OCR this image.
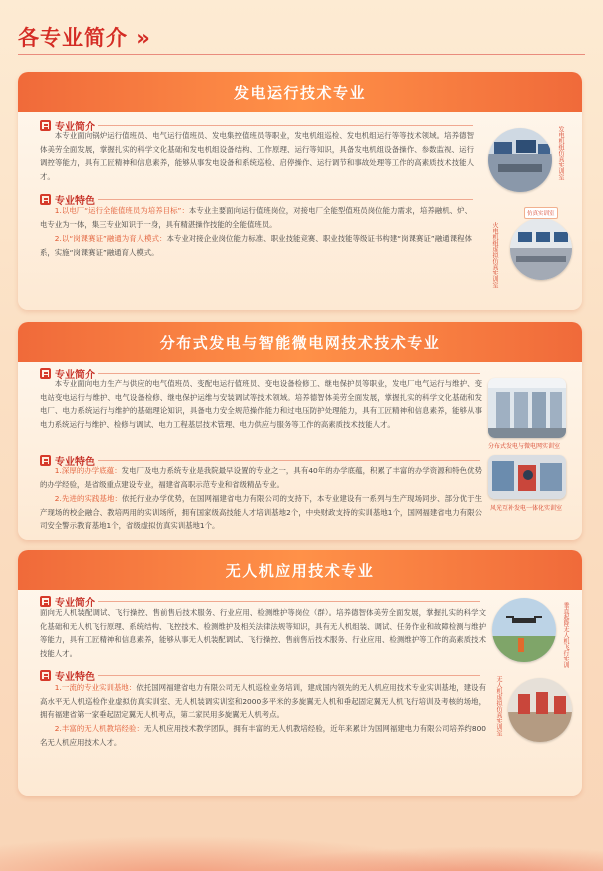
各专业简介 »
发电运行技术专业
专业简介
本专业面向锅炉运行值班员、电气运行值班员、发电集控值班员等职业，发电机组巡检、发电机组运行等等技术领域。培养德智体美劳全面发展，掌握扎实的科学文化基础和发电机组设备结构、工作原理、运行等知识，具备发电机组设备操作、参数监视、运行调控等能力，具有工匠精神和信息素养，能够从事发电设备和系统巡检、启停操作、运行调节和事故处理等工作的高素质技术技能人才。
专业特色
1.以电厂“运行全能值班员为培养目标”：本专业主要面向运行值班岗位，对接电厂全能型值班员岗位能力需求，培养融机、炉、电专业为一体，集三专业知识于一身，具有精湛操作技能的全能值班员。
2.以“岗课赛证”融通为育人模式：本专业对接企业岗位能力标准、职业技能竞赛、职业技能等级证书构建“岗课赛证”融通课程体系，实施“岗课赛证”融通育人模式。
发电机组仿真实训室
火电机组虚拟仿真实训室
仿真实训室
分布式发电与智能微电网技术技术专业
专业简介
本专业面向电力生产与供应的电气值班员、变配电运行值班员、变电设备检修工、继电保护员等职业，发电厂电气运行与维护、变电站变电运行与维护、电气设备检修、继电保护运维与安装调试等技术领域。培养德智体美劳全面发展，掌握扎实的科学文化基础和发电厂、电力系统运行与维护的基础理论知识，具备电力安全规范操作能力和过电压防护处理能力，具有工匠精神和信息素养，能够从事电力系统运行与维护、检修与调试、电力工程基层技术管理、电力供应与服务等工作的高素质技术技能人才。
专业特色
1.深厚的办学底蕴：发电厂及电力系统专业是我院最早设置的专业之一，具有40年的办学底蕴，积累了丰富的办学资源和特色优势的办学经验，是省级重点建设专业，福建省高职示范专业和省级精品专业。
2.先进的实践基地：依托行业办学优势，在国网福建省电力有限公司的支持下，本专业建设有一系列与生产现场同步、部分优于生产现场的校企融合、教培两用的实训场所，拥有国家级高技能人才培训基地2个，中央财政支持的实训基地1个，国网福建省电力有限公司安全警示教育基地1个，省级虚拟仿真实训基地1个。
分布式发电与微电网实训室
风光互补发电一体化实训室
无人机应用技术专业
专业简介
面向无人机装配调试、飞行操控、售前售后技术服务、行业应用、检测维护等岗位（群）。培养德智体美劳全面发展，掌握扎实的科学文化基础和无人机飞行原理、系统结构、飞控技术、检测维护及相关法律法规等知识，具有无人机组装、调试、任务作业和故障检测与维护等能力，具有工匠精神和信息素养，能够从事无人机装配调试、飞行操控、售前售后技术服务、行业应用、检测维护等工作的高素质技术技能人才。
专业特色
1.一流的专业实训基地：依托国网福建省电力有限公司无人机巡检业务培训，建成国内领先的无人机应用技术专业实训基地，建设有高水平无人机巡检作业虚拟仿真实训室、无人机装调实训室和2000多平米的多旋翼无人机和垂起固定翼无人机飞行培训及考核的场地，拥有福建省第一家垂起固定翼无人机考点，第二家民用多旋翼无人机考点。
2.丰富的无人机教培经验：无人机应用技术教学团队，拥有丰富的无人机教培经验，近年来累计为国网福建电力有限公司培养约800名无人机应用技术人才。
垂直起降无人机飞行实训
无人机虚拟仿真实训室
